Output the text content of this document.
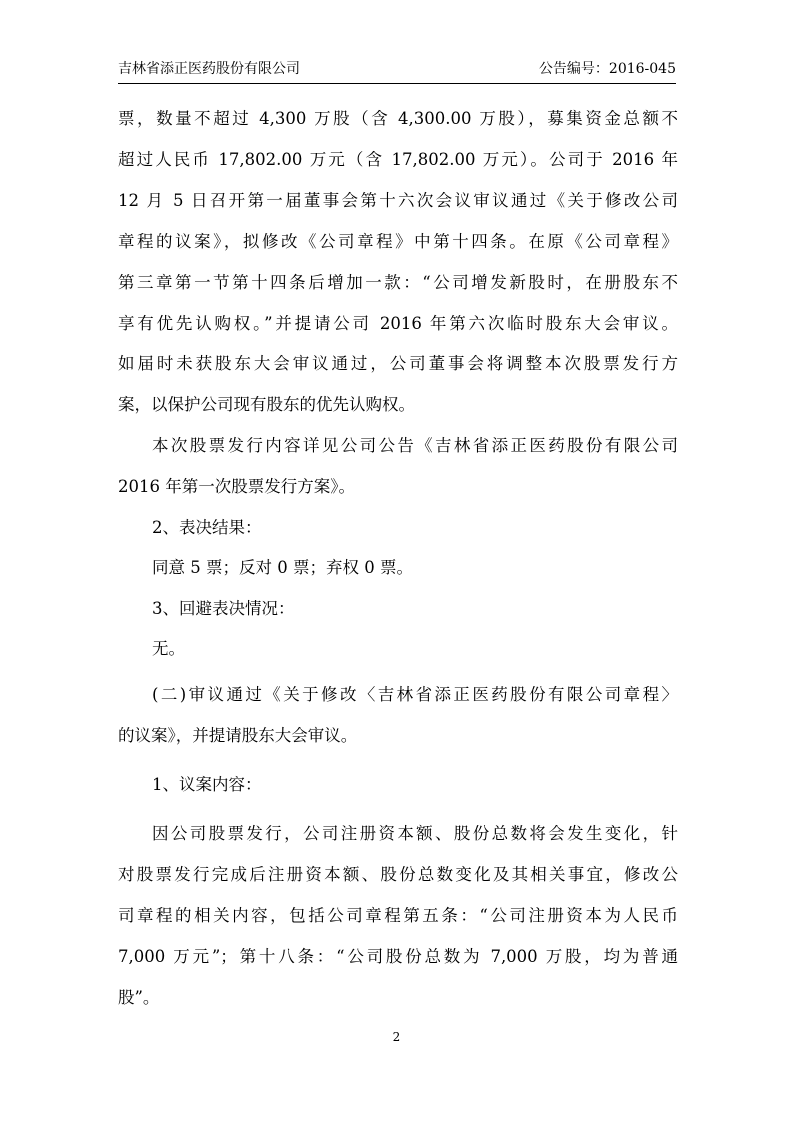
吉林省添正医药股份有限公司	公告编号：2016-045
票，数量不超过 4,300 万股（含 4,300.00 万股），募集资金总额不
超过人民币 17,802.00 万元（含 17,802.00 万元）。公司于 2016 年
12 月 5 日召开第一届董事会第十六次会议审议通过《关于修改公司
章程的议案》，拟修改《公司章程》中第十四条。在原《公司章程》
第三章第一节第十四条后增加一款：“公司增发新股时，在册股东不
享有优先认购权。”并提请公司 2016 年第六次临时股东大会审议。
如届时未获股东大会审议通过，公司董事会将调整本次股票发行方
案，以保护公司现有股东的优先认购权。
本次股票发行内容详见公司公告《吉林省添正医药股份有限公司
2016 年第一次股票发行方案》。
2、表决结果：
同意 5 票；反对 0 票；弃权 0 票。
3、回避表决情况：
无。
(二)审议通过《关于修改〈吉林省添正医药股份有限公司章程〉
的议案》，并提请股东大会审议。
1、议案内容：
因公司股票发行，公司注册资本额、股份总数将会发生变化，针
对股票发行完成后注册资本额、股份总数变化及其相关事宜，修改公
司章程的相关内容，包括公司章程第五条：“公司注册资本为人民币
7,000 万元”；第十八条：“公司股份总数为 7,000 万股，均为普通
股”。
2
